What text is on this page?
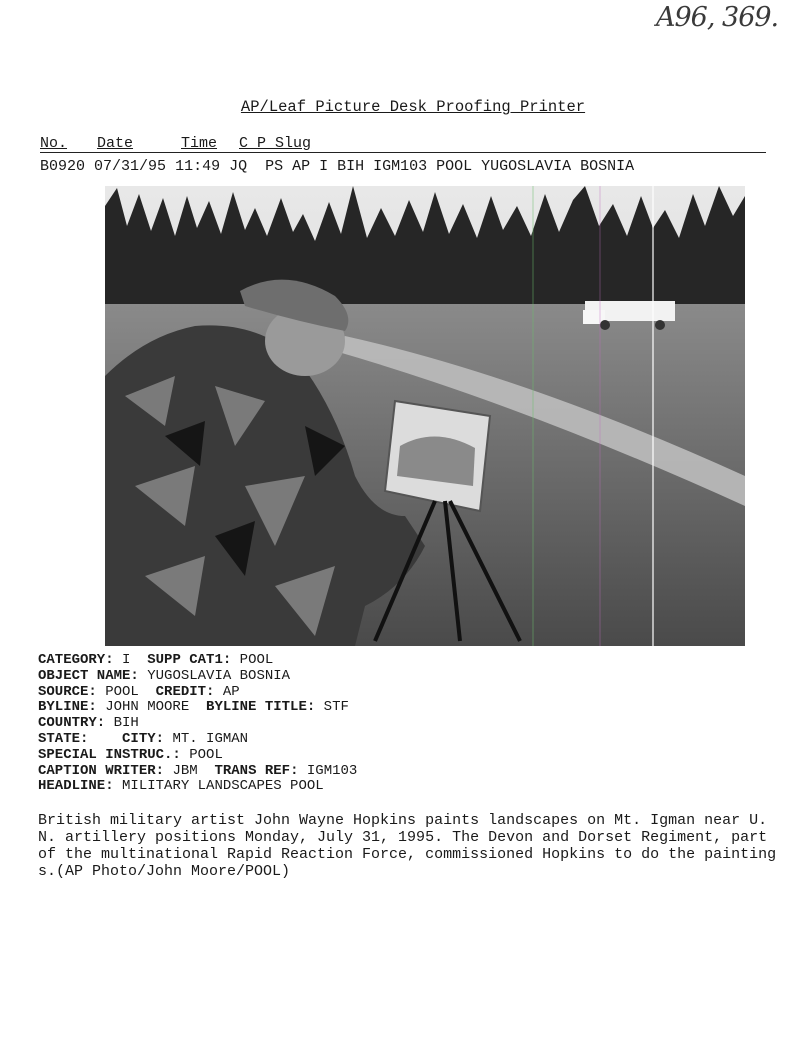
A96, 369.
AP/Leaf Picture Desk Proofing Printer
No. Date	Time C P Slug
B0920 07/31/95 11:49 JQ PS AP I BIH IGM103 POOL YUGOSLAVIA BOSNIA
CATEGORY: I SUPP CAT1: POOL
OBJECT NAME: YUGOSLAVIA BOSNIA
SOURCE: POOL CREDIT: AP
BYLINE: JOHN MOORE BYLINE TITLE: STF
COUNTRY: BIH
STATE: CITY: MT. IGMAN
SPECIAL INSTRUC.: POOL
CAPTION WRITER: JBM TRANS REF: IGM103
HEADLINE: MILITARY LANDSCAPES POOL
British military artist John Wayne Hopkins paints landscapes on Mt. Igman near U.N. artillery positions Monday, July 31, 1995. The Devon and Dorset Regiment, part of the multinational Rapid Reaction Force, commissioned Hopkins to do the paintings.(AP Photo/John Moore/POOL)
